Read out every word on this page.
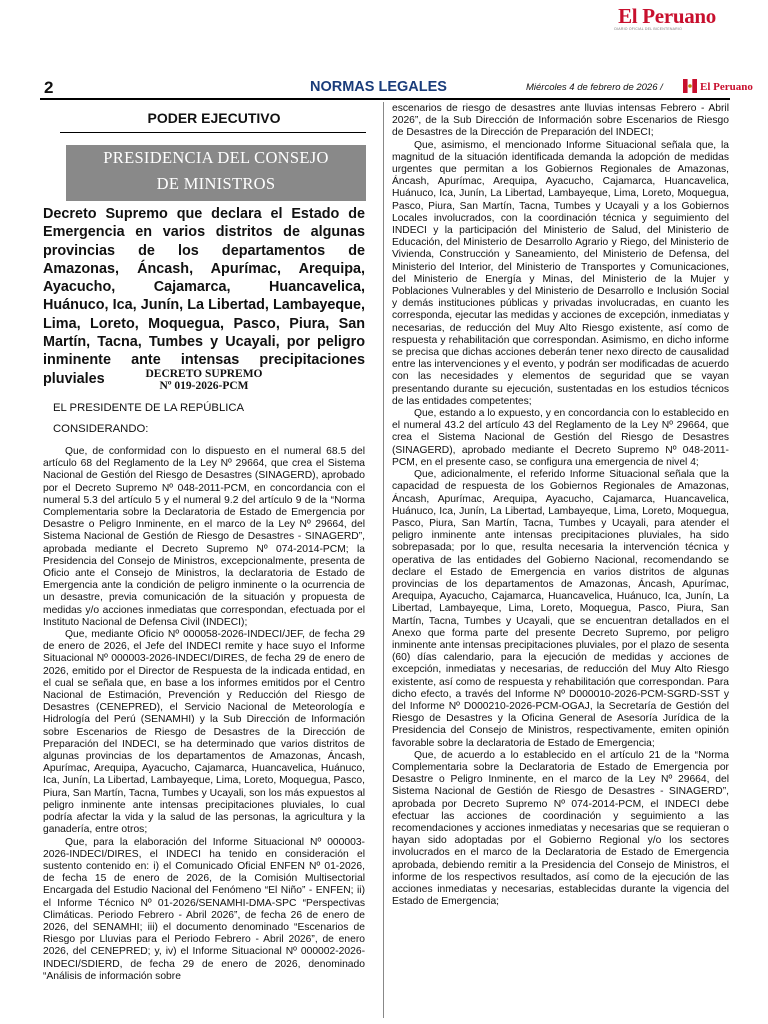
El Peruano
DIARIO OFICIAL DEL BICENTENARIO
2	NORMAS LEGALES	Miércoles 4 de febrero de 2026 /	El Peruano
PODER EJECUTIVO
PRESIDENCIA DEL CONSEJO
DE MINISTROS
Decreto Supremo que declara el Estado de Emergencia en varios distritos de algunas provincias de los departamentos de Amazonas, Áncash, Apurímac, Arequipa, Ayacucho, Cajamarca, Huancavelica, Huánuco, Ica, Junín, La Libertad, Lambayeque, Lima, Loreto, Moquegua, Pasco, Piura, San Martín, Tacna, Tumbes y Ucayali, por peligro inminente ante intensas precipitaciones pluviales	DECRETO SUPREMO
Nº 019-2026-PCM
EL PRESIDENTE DE LA REPÚBLICA
CONSIDERANDO:

Que, de conformidad con lo dispuesto en el numeral 68.5 del artículo 68 del Reglamento de la Ley Nº 29664, que crea el Sistema Nacional de Gestión del Riesgo de Desastres (SINAGERD), aprobado por el Decreto Supremo Nº 048-2011-PCM, en concordancia con el numeral 5.3 del artículo 5 y el numeral 9.2 del artículo 9 de la “Norma Complementaria sobre la Declaratoria de Estado de Emergencia por Desastre o Peligro Inminente, en el marco de la Ley Nº 29664, del Sistema Nacional de Gestión de Riesgo de Desastres - SINAGERD”, aprobada mediante el Decreto Supremo Nº 074-2014-PCM; la Presidencia del Consejo de Ministros, excepcionalmente, presenta de Oficio ante el Consejo de Ministros, la declaratoria de Estado de Emergencia ante la condición de peligro inminente o la ocurrencia de un desastre, previa comunicación de la situación y propuesta de medidas y/o acciones inmediatas que correspondan, efectuada por el Instituto Nacional de Defensa Civil (INDECI);

Que, mediante Oficio Nº 000058-2026-INDECI/JEF, de fecha 29 de enero de 2026, el Jefe del INDECI remite y hace suyo el Informe Situacional Nº 000003-2026-INDECI/DIRES, de fecha 29 de enero de 2026, emitido por el Director de Respuesta de la indicada entidad, en el cual se señala que, en base a los informes emitidos por el Centro Nacional de Estimación, Prevención y Reducción del Riesgo de Desastres (CENEPRED), el Servicio Nacional de Meteorología e Hidrología del Perú (SENAMHI) y la Sub Dirección de Información sobre Escenarios de Riesgo de Desastres de la Dirección de Preparación del INDECI, se ha determinado que varios distritos de algunas provincias de los departamentos de Amazonas, Áncash, Apurímac, Arequipa, Ayacucho, Cajamarca, Huancavelica, Huánuco, Ica, Junín, La Libertad, Lambayeque, Lima, Loreto, Moquegua, Pasco, Piura, San Martín, Tacna, Tumbes y Ucayali, son los más expuestos al peligro inminente ante intensas precipitaciones pluviales, lo cual podría afectar la vida y la salud de las personas, la agricultura y la ganadería, entre otros;

Que, para la elaboración del Informe Situacional Nº 000003-2026-INDECI/DIRES, el INDECI ha tenido en consideración el sustento contenido en: i) el Comunicado Oficial ENFEN Nº 01-2026, de fecha 15 de enero de 2026, de la Comisión Multisectorial Encargada del Estudio Nacional del Fenómeno “El Niño” - ENFEN; ii) el Informe Técnico Nº 01-2026/SENAMHI-DMA-SPC “Perspectivas Climáticas. Periodo Febrero - Abril 2026”, de fecha 26 de enero de 2026, del SENAMHI; iii) el documento denominado “Escenarios de Riesgo por Lluvias para el Periodo Febrero - Abril 2026”, de enero 2026, del CENEPRED; y, iv) el Informe Situacional Nº 000002-2026-INDECI/SDIERD, de fecha 29 de enero de 2026, denominado “Análisis de información sobre

escenarios de riesgo de desastres ante lluvias intensas Febrero - Abril 2026”, de la Sub Dirección de Información sobre Escenarios de Riesgo de Desastres de la Dirección de Preparación del INDECI;

Que, asimismo, el mencionado Informe Situacional señala que, la magnitud de la situación identificada demanda la adopción de medidas urgentes que permitan a los Gobiernos Regionales de Amazonas, Áncash, Apurímac, Arequipa, Ayacucho, Cajamarca, Huancavelica, Huánuco, Ica, Junín, La Libertad, Lambayeque, Lima, Loreto, Moquegua, Pasco, Piura, San Martín, Tacna, Tumbes y Ucayali y a los Gobiernos Locales involucrados, con la coordinación técnica y seguimiento del INDECI y la participación del Ministerio de Salud, del Ministerio de Educación, del Ministerio de Desarrollo Agrario y Riego, del Ministerio de Vivienda, Construcción y Saneamiento, del Ministerio de Defensa, del Ministerio del Interior, del Ministerio de Transportes y Comunicaciones, del Ministerio de Energía y Minas, del Ministerio de la Mujer y Poblaciones Vulnerables y del Ministerio de Desarrollo e Inclusión Social y demás instituciones públicas y privadas involucradas, en cuanto les corresponda, ejecutar las medidas y acciones de excepción, inmediatas y necesarias, de reducción del Muy Alto Riesgo existente, así como de respuesta y rehabilitación que correspondan. Asimismo, en dicho informe se precisa que dichas acciones deberán tener nexo directo de causalidad entre las intervenciones y el evento, y podrán ser modificadas de acuerdo con las necesidades y elementos de seguridad que se vayan presentando durante su ejecución, sustentadas en los estudios técnicos de las entidades competentes;

Que, estando a lo expuesto, y en concordancia con lo establecido en el numeral 43.2 del artículo 43 del Reglamento de la Ley Nº 29664, que crea el Sistema Nacional de Gestión del Riesgo de Desastres (SINAGERD), aprobado mediante el Decreto Supremo Nº 048-2011-PCM, en el presente caso, se configura una emergencia de nivel 4;

Que, adicionalmente, el referido Informe Situacional señala que la capacidad de respuesta de los Gobiernos Regionales de Amazonas, Áncash, Apurímac, Arequipa, Ayacucho, Cajamarca, Huancavelica, Huánuco, Ica, Junín, La Libertad, Lambayeque, Lima, Loreto, Moquegua, Pasco, Piura, San Martín, Tacna, Tumbes y Ucayali, para atender el peligro inminente ante intensas precipitaciones pluviales, ha sido sobrepasada; por lo que, resulta necesaria la intervención técnica y operativa de las entidades del Gobierno Nacional, recomendando se declare el Estado de Emergencia en varios distritos de algunas provincias de los departamentos de Amazonas, Áncash, Apurímac, Arequipa, Ayacucho, Cajamarca, Huancavelica, Huánuco, Ica, Junín, La Libertad, Lambayeque, Lima, Loreto, Moquegua, Pasco, Piura, San Martín, Tacna, Tumbes y Ucayali, que se encuentran detallados en el Anexo que forma parte del presente Decreto Supremo, por peligro inminente ante intensas precipitaciones pluviales, por el plazo de sesenta (60) días calendario, para la ejecución de medidas y acciones de excepción, inmediatas y necesarias, de reducción del Muy Alto Riesgo existente, así como de respuesta y rehabilitación que correspondan. Para dicho efecto, a través del Informe Nº D000010-2026-PCM-SGRD-SST y del Informe Nº D000210-2026-PCM-OGAJ, la Secretaría de Gestión del Riesgo de Desastres y la Oficina General de Asesoría Jurídica de la Presidencia del Consejo de Ministros, respectivamente, emiten opinión favorable sobre la declaratoria de Estado de Emergencia;

Que, de acuerdo a lo establecido en el artículo 21 de la “Norma Complementaria sobre la Declaratoria de Estado de Emergencia por Desastre o Peligro Inminente, en el marco de la Ley Nº 29664, del Sistema Nacional de Gestión de Riesgo de Desastres - SINAGERD”, aprobada por Decreto Supremo Nº 074-2014-PCM, el INDECI debe efectuar las acciones de coordinación y seguimiento a las recomendaciones y acciones inmediatas y necesarias que se requieran o hayan sido adoptadas por el Gobierno Regional y/o los sectores involucrados en el marco de la Declaratoria de Estado de Emergencia aprobada, debiendo remitir a la Presidencia del Consejo de Ministros, el informe de los respectivos resultados, así como de la ejecución de las acciones inmediatas y necesarias, establecidas durante la vigencia del Estado de Emergencia;
